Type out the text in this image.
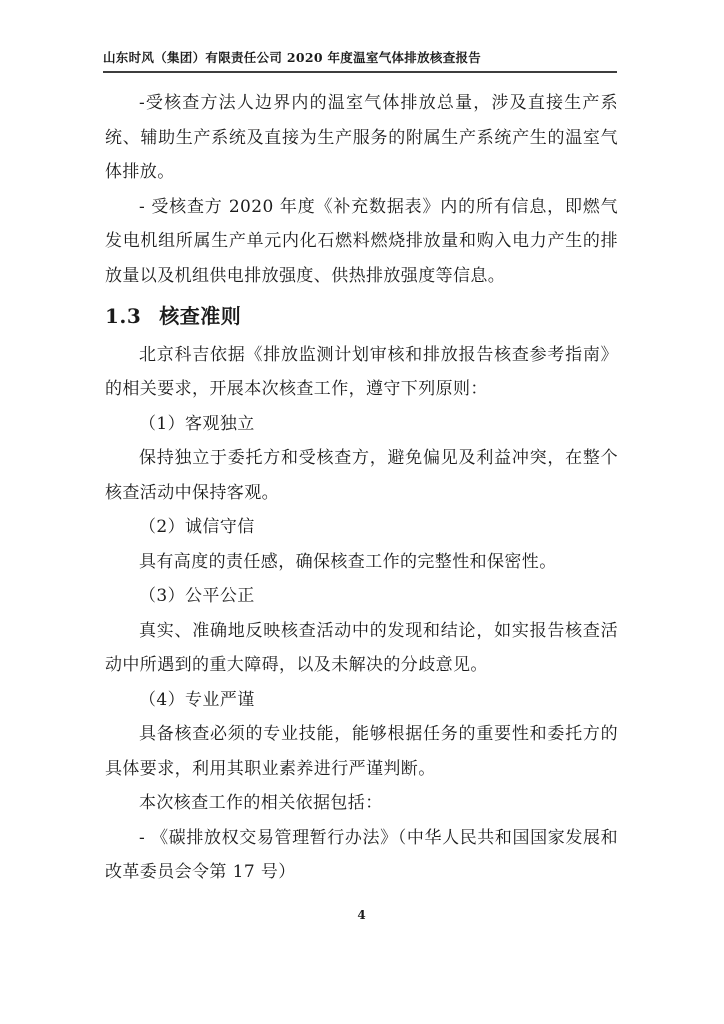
山东时风（集团）有限责任公司 2020 年度温室气体排放核查报告

-受核查方法人边界内的温室气体排放总量，涉及直接生产系统、辅助生产系统及直接为生产服务的附属生产系统产生的温室气体排放。

- 受核查方 2020 年度《补充数据表》内的所有信息，即燃气发电机组所属生产单元内化石燃料燃烧排放量和购入电力产生的排放量以及机组供电排放强度、供热排放强度等信息。

1.3 核查准则

北京科吉依据《排放监测计划审核和排放报告核查参考指南》的相关要求，开展本次核查工作，遵守下列原则：

（1）客观独立

保持独立于委托方和受核查方，避免偏见及利益冲突，在整个核查活动中保持客观。

（2）诚信守信

具有高度的责任感，确保核查工作的完整性和保密性。

（3）公平公正

真实、准确地反映核查活动中的发现和结论，如实报告核查活动中所遇到的重大障碍，以及未解决的分歧意见。

（4）专业严谨

具备核查必须的专业技能，能够根据任务的重要性和委托方的具体要求，利用其职业素养进行严谨判断。

本次核查工作的相关依据包括：

- 《碳排放权交易管理暂行办法》（中华人民共和国国家发展和改革委员会令第 17 号）

4
